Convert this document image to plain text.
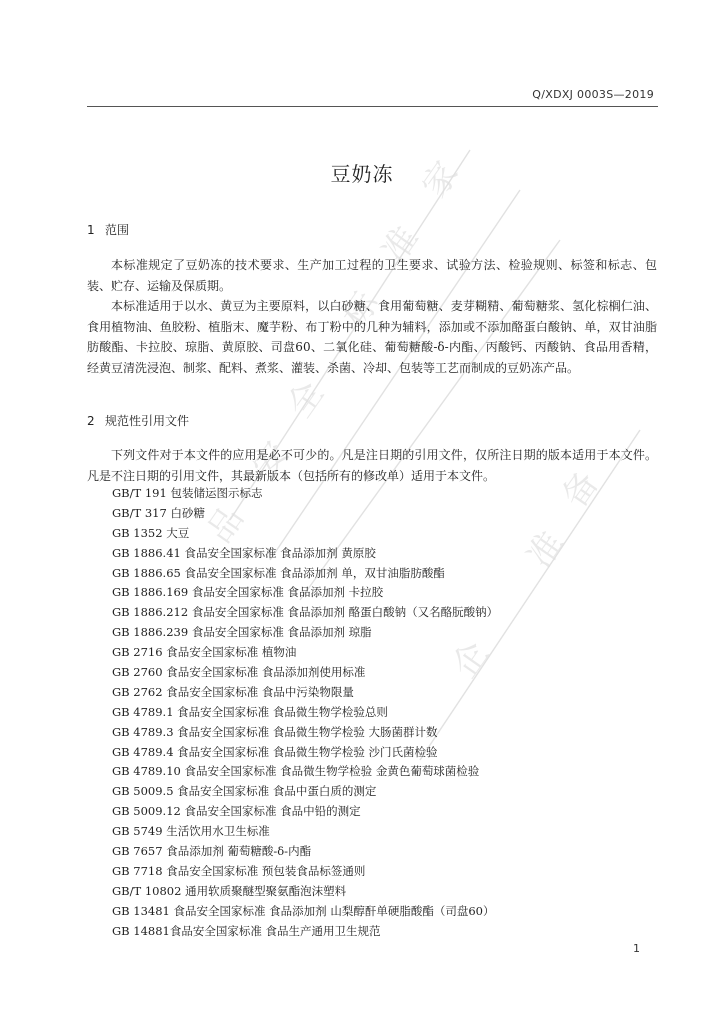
家
准
标
全
安
品
备
准
企
Q/XDXJ 0003S—2019
豆奶冻
1 范围

本标准规定了豆奶冻的技术要求、生产加工过程的卫生要求、试验方法、检验规则、标签和标志、包装、贮存、运输及保质期。

本标准适用于以水、黄豆为主要原料，以白砂糖、食用葡萄糖、麦芽糊精、葡萄糖浆、氢化棕榈仁油、食用植物油、鱼胶粉、植脂末、魔芋粉、布丁粉中的几种为辅料，添加或不添加酪蛋白酸钠、单，双甘油脂肪酸酯、卡拉胶、琼脂、黄原胶、司盘60、二氧化硅、葡萄糖酸-δ-内酯、丙酸钙、丙酸钠、食品用香精，经黄豆清洗浸泡、制浆、配料、煮浆、灌装、杀菌、冷却、包装等工艺而制成的豆奶冻产品。

2 规范性引用文件

下列文件对于本文件的应用是必不可少的。凡是注日期的引用文件，仅所注日期的版本适用于本文件。凡是不注日期的引用文件，其最新版本（包括所有的修改单）适用于本文件。

GB/T 191 包装储运图示标志
GB/T 317 白砂糖
GB 1352 大豆
GB 1886.41 食品安全国家标准 食品添加剂 黄原胶
GB 1886.65 食品安全国家标准 食品添加剂 单，双甘油脂肪酸酯
GB 1886.169 食品安全国家标准 食品添加剂 卡拉胶
GB 1886.212 食品安全国家标准 食品添加剂 酪蛋白酸钠（又名酪朊酸钠）
GB 1886.239 食品安全国家标准 食品添加剂 琼脂
GB 2716 食品安全国家标准 植物油
GB 2760 食品安全国家标准 食品添加剂使用标准
GB 2762 食品安全国家标准 食品中污染物限量
GB 4789.1 食品安全国家标准 食品微生物学检验总则
GB 4789.3 食品安全国家标准 食品微生物学检验 大肠菌群计数
GB 4789.4 食品安全国家标准 食品微生物学检验 沙门氏菌检验
GB 4789.10 食品安全国家标准 食品微生物学检验 金黄色葡萄球菌检验
GB 5009.5 食品安全国家标准 食品中蛋白质的测定
GB 5009.12 食品安全国家标准 食品中铅的测定
GB 5749 生活饮用水卫生标准
GB 7657 食品添加剂 葡萄糖酸-δ-内酯
GB 7718 食品安全国家标准 预包装食品标签通则
GB/T 10802 通用软质聚醚型聚氨酯泡沫塑料
GB 13481 食品安全国家标准 食品添加剂 山梨醇酐单硬脂酸酯（司盘60）
GB 14881食品安全国家标准 食品生产通用卫生规范
1
